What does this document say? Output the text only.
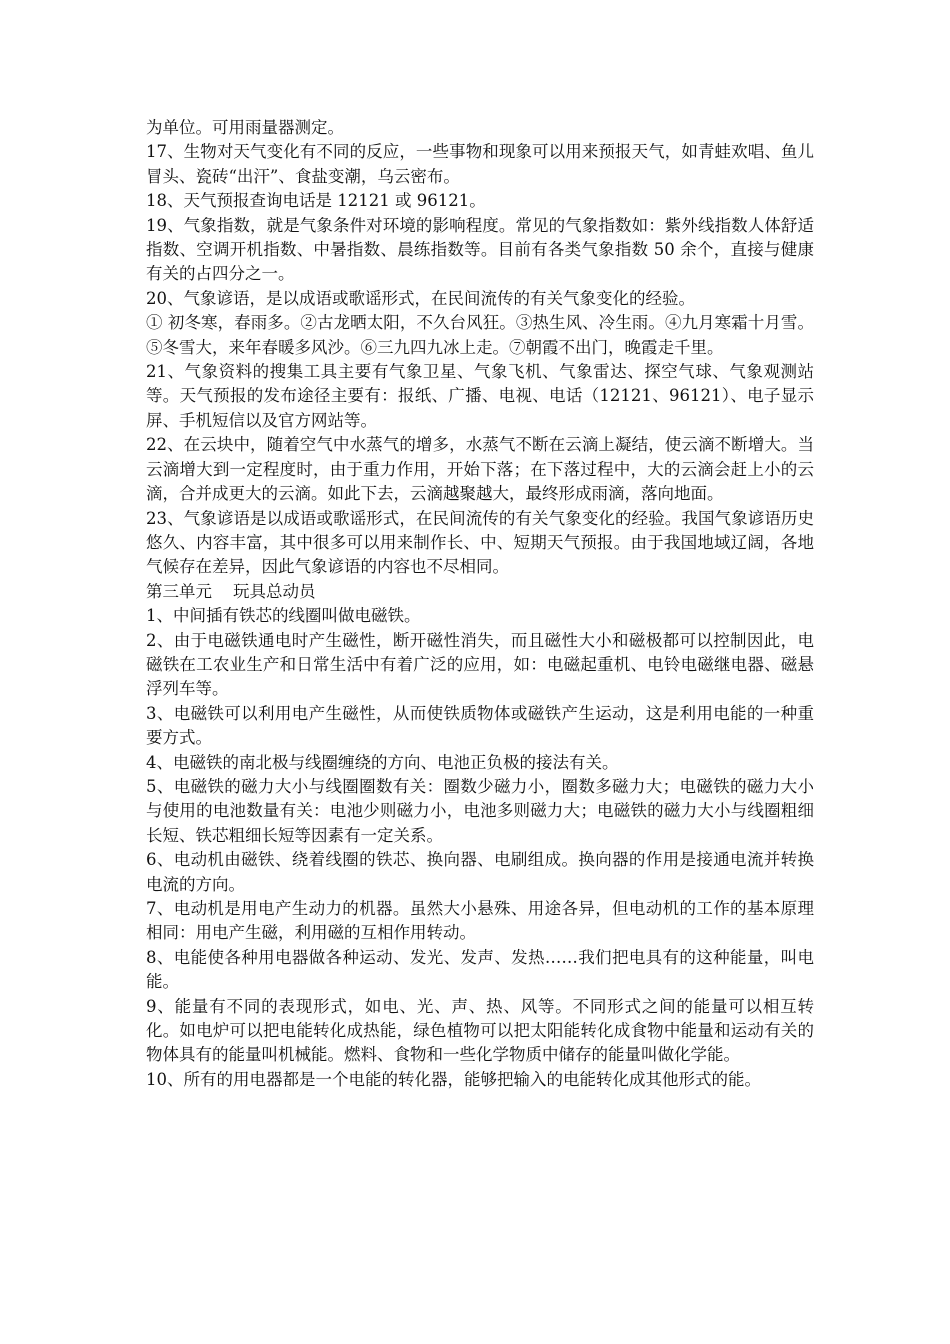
为单位。可用雨量器测定。

17、生物对天气变化有不同的反应，一些事物和现象可以用来预报天气，如青蛙欢唱、鱼儿冒头、瓷砖“出汗”、食盐变潮，乌云密布。

18、天气预报查询电话是 12121 或 96121。

19、气象指数，就是气象条件对环境的影响程度。常见的气象指数如：紫外线指数人体舒适指数、空调开机指数、中暑指数、晨练指数等。目前有各类气象指数 50 余个，直接与健康有关的占四分之一。

20、气象谚语，是以成语或歌谣形式，在民间流传的有关气象变化的经验。

① 初冬寒，春雨多。②古龙晒太阳，不久台风狂。③热生风、冷生雨。④九月寒霜十月雪。⑤冬雪大，来年春暖多风沙。⑥三九四九冰上走。⑦朝霞不出门，晚霞走千里。

21、气象资料的搜集工具主要有气象卫星、气象飞机、气象雷达、探空气球、气象观测站等。天气预报的发布途径主要有：报纸、广播、电视、电话（12121、96121）、电子显示屏、手机短信以及官方网站等。

22、在云块中，随着空气中水蒸气的增多，水蒸气不断在云滴上凝结，使云滴不断增大。当云滴增大到一定程度时，由于重力作用，开始下落；在下落过程中，大的云滴会赶上小的云滴，合并成更大的云滴。如此下去，云滴越聚越大，最终形成雨滴，落向地面。

23、气象谚语是以成语或歌谣形式，在民间流传的有关气象变化的经验。我国气象谚语历史悠久、内容丰富，其中很多可以用来制作长、中、短期天气预报。由于我国地域辽阔，各地气候存在差异，因此气象谚语的内容也不尽相同。

第三单元    玩具总动员

1、中间插有铁芯的线圈叫做电磁铁。

2、由于电磁铁通电时产生磁性，断开磁性消失，而且磁性大小和磁极都可以控制因此，电磁铁在工农业生产和日常生活中有着广泛的应用，如：电磁起重机、电铃电磁继电器、磁悬浮列车等。

3、电磁铁可以利用电产生磁性，从而使铁质物体或磁铁产生运动，这是利用电能的一种重要方式。

4、电磁铁的南北极与线圈缠绕的方向、电池正负极的接法有关。

5、电磁铁的磁力大小与线圈圈数有关：圈数少磁力小，圈数多磁力大；电磁铁的磁力大小与使用的电池数量有关：电池少则磁力小，电池多则磁力大；电磁铁的磁力大小与线圈粗细长短、铁芯粗细长短等因素有一定关系。

6、电动机由磁铁、绕着线圈的铁芯、换向器、电刷组成。换向器的作用是接通电流并转换电流的方向。

7、电动机是用电产生动力的机器。虽然大小悬殊、用途各异，但电动机的工作的基本原理相同：用电产生磁，利用磁的互相作用转动。

8、电能使各种用电器做各种运动、发光、发声、发热……我们把电具有的这种能量，叫电能。

9、能量有不同的表现形式，如电、光、声、热、风等。不同形式之间的能量可以相互转化。如电炉可以把电能转化成热能，绿色植物可以把太阳能转化成食物中能量和运动有关的物体具有的能量叫机械能。燃料、食物和一些化学物质中储存的能量叫做化学能。

10、所有的用电器都是一个电能的转化器，能够把输入的电能转化成其他形式的能。
